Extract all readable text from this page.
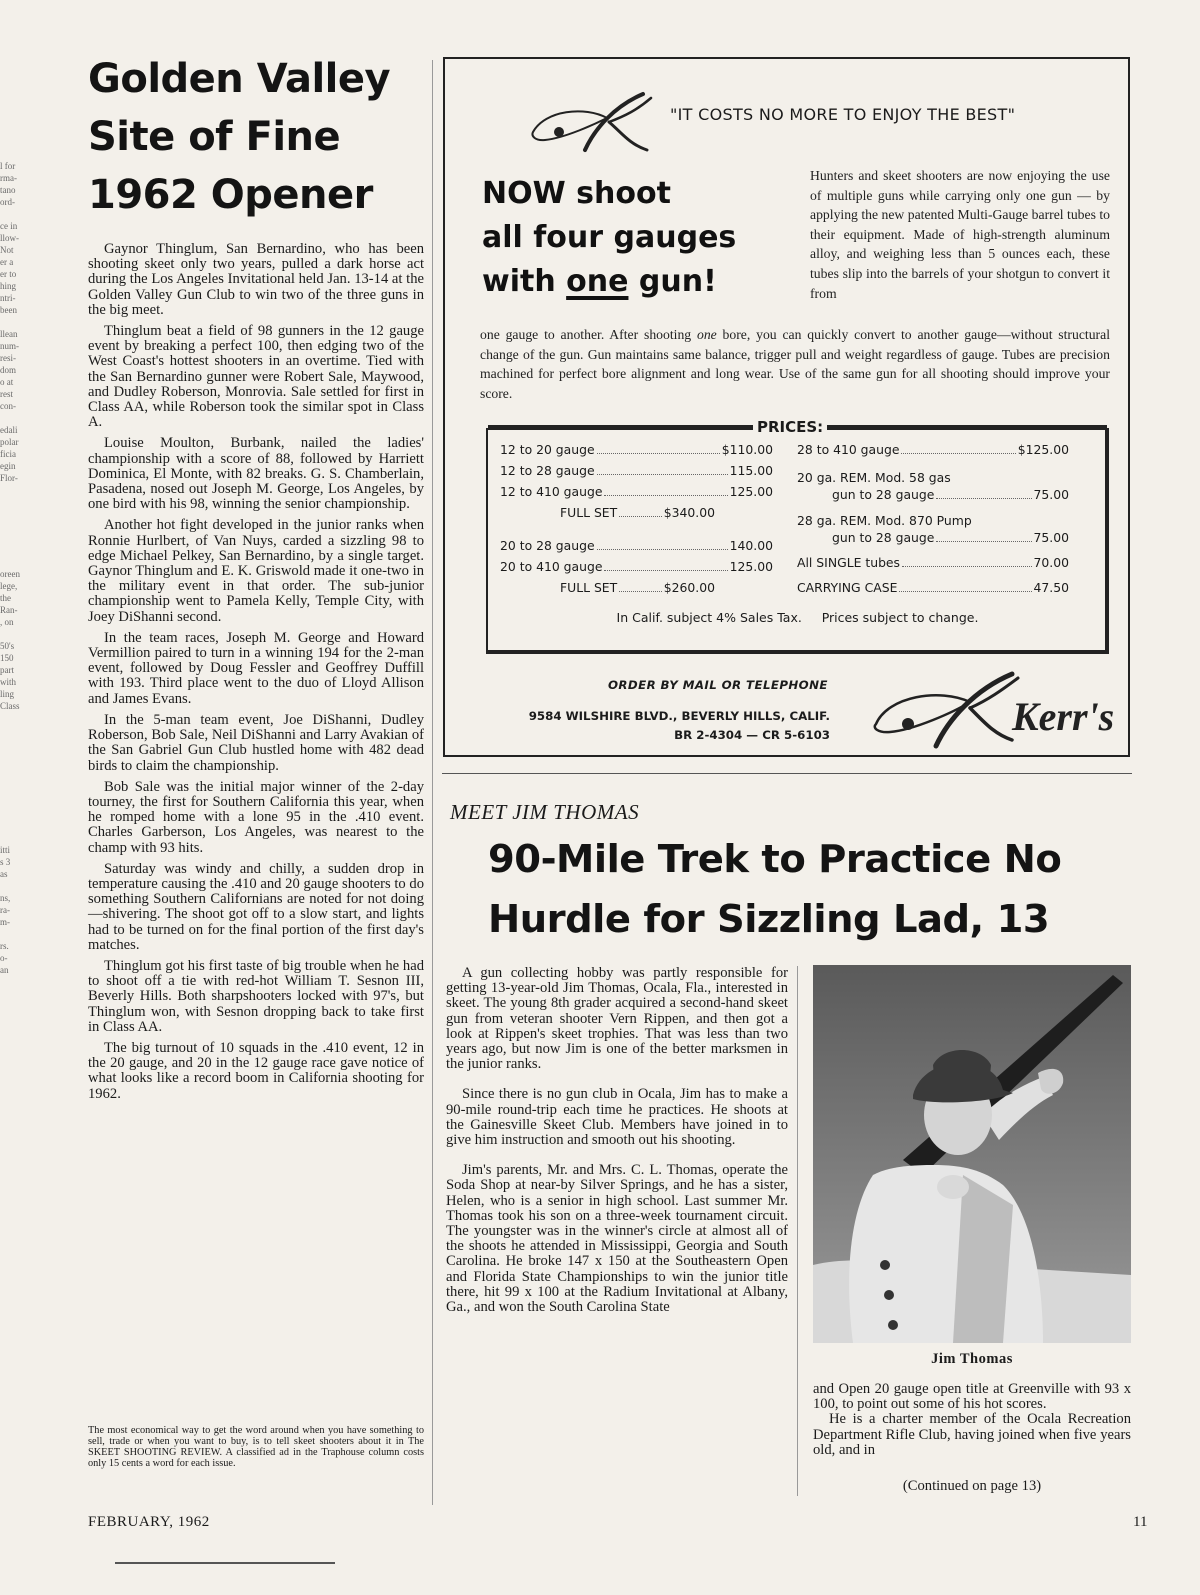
l for
rma-
tano
ord-

ce in
llow-
Not
er a
er to
hing
ntri-
been

llean
num-
resi-
dom
o at
rest
con-

edali
polar
ficia
egin
Flor-

oreen
lege,
the
Ran-
, on

50's
150
part
with
ling
Class

itti
s 3
as

ns,
ra-
m-

rs.
o-
an
Golden Valley
Site of Fine
1962 Opener

Gaynor Thinglum, San Bernardino, who has been shooting skeet only two years, pulled a dark horse act during the Los Angeles Invitational held Jan. 13-14 at the Golden Valley Gun Club to win two of the three guns in the big meet.

Thinglum beat a field of 98 gunners in the 12 gauge event by breaking a perfect 100, then edging two of the West Coast's hottest shooters in an overtime. Tied with the San Bernardino gunner were Robert Sale, Maywood, and Dudley Roberson, Monrovia. Sale settled for first in Class AA, while Roberson took the similar spot in Class A.

Louise Moulton, Burbank, nailed the ladies' championship with a score of 88, followed by Harriett Dominica, El Monte, with 82 breaks. G. S. Chamberlain, Pasadena, nosed out Joseph M. George, Los Angeles, by one bird with his 98, winning the senior championship.

Another hot fight developed in the junior ranks when Ronnie Hurlbert, of Van Nuys, carded a sizzling 98 to edge Michael Pelkey, San Bernardino, by a single target. Gaynor Thinglum and E. K. Griswold made it one-two in the military event in that order. The sub-junior championship went to Pamela Kelly, Temple City, with Joey DiShanni second.

In the team races, Joseph M. George and Howard Vermillion paired to turn in a winning 194 for the 2-man event, followed by Doug Fessler and Geoffrey Duffill with 193. Third place went to the duo of Lloyd Allison and James Evans.

In the 5-man team event, Joe DiShanni, Dudley Roberson, Bob Sale, Neil DiShanni and Larry Avakian of the San Gabriel Gun Club hustled home with 482 dead birds to claim the championship.

Bob Sale was the initial major winner of the 2-day tourney, the first for Southern California this year, when he romped home with a lone 95 in the .410 event. Charles Garberson, Los Angeles, was nearest to the champ with 93 hits.

Saturday was windy and chilly, a sudden drop in temperature causing the .410 and 20 gauge shooters to do something Southern Californians are noted for not doing—shivering. The shoot got off to a slow start, and lights had to be turned on for the final portion of the first day's matches.

Thinglum got his first taste of big trouble when he had to shoot off a tie with red-hot William T. Sesnon III, Beverly Hills. Both sharpshooters locked with 97's, but Thinglum won, with Sesnon dropping back to take first in Class AA.

The big turnout of 10 squads in the .410 event, 12 in the 20 gauge, and 20 in the 12 gauge race gave notice of what looks like a record boom in California shooting for 1962.

The most economical way to get the word around when you have something to sell, trade or when you want to buy, is to tell skeet shooters about it in The SKEET SHOOTING REVIEW. A classified ad in the Traphouse column costs only 15 cents a word for each issue.
"IT COSTS NO MORE TO ENJOY THE BEST"
NOW shoot
all four gauges
with one gun!
Hunters and skeet shooters are now enjoying the use of multiple guns while carrying only one gun — by applying the new patented Multi-Gauge barrel tubes to their equipment. Made of high-strength aluminum alloy, and weighing less than 5 ounces each, these tubes slip into the barrels of your shotgun to convert it from
one gauge to another. After shooting one bore, you can quickly convert to another gauge—without structural change of the gun. Gun maintains same balance, trigger pull and weight regardless of gauge. Tubes are precision machined for perfect bore alignment and long wear. Use of the same gun for all shooting should improve your score.
PRICES:
12 to 20 gauge	$110.00
12 to 28 gauge	115.00
12 to 410 gauge	125.00
FULL SET	$340.00
20 to 28 gauge	140.00
20 to 410 gauge	125.00
FULL SET	$260.00
28 to 410 gauge	$125.00
20 ga. REM. Mod. 58 gas
gun to 28 gauge	75.00
28 ga. REM. Mod. 870 Pump
gun to 28 gauge	75.00
All SINGLE tubes	70.00
CARRYING CASE	47.50
In Calif. subject 4% Sales Tax. Prices subject to change.
ORDER BY MAIL OR TELEPHONE
9584 WILSHIRE BLVD., BEVERLY HILLS, CALIF.
BR 2-4304 — CR 5-6103	Kerr's
MEET JIM THOMAS
90-Mile Trek to Practice No
Hurdle for Sizzling Lad, 13

A gun collecting hobby was partly responsible for getting 13-year-old Jim Thomas, Ocala, Fla., interested in skeet. The young 8th grader acquired a second-hand skeet gun from veteran shooter Vern Rippen, and then got a look at Rippen's skeet trophies. That was less than two years ago, but now Jim is one of the better marksmen in the junior ranks.

Since there is no gun club in Ocala, Jim has to make a 90-mile round-trip each time he practices. He shoots at the Gainesville Skeet Club. Members have joined in to give him instruction and smooth out his shooting.

Jim's parents, Mr. and Mrs. C. L. Thomas, operate the Soda Shop at near-by Silver Springs, and he has a sister, Helen, who is a senior in high school. Last summer Mr. Thomas took his son on a three-week tournament circuit. The youngster was in the winner's circle at almost all of the shoots he attended in Mississippi, Georgia and South Carolina. He broke 147 x 150 at the Southeastern Open and Florida State Championships to win the junior title there, hit 99 x 100 at the Radium Invitational at Albany, Ga., and won the South Carolina State

Jim Thomas

and Open 20 gauge open title at Greenville with 93 x 100, to point out some of his hot scores.

He is a charter member of the Ocala Recreation Department Rifle Club, having joined when five years old, and in

(Continued on page 13)
FEBRUARY, 1962	11
